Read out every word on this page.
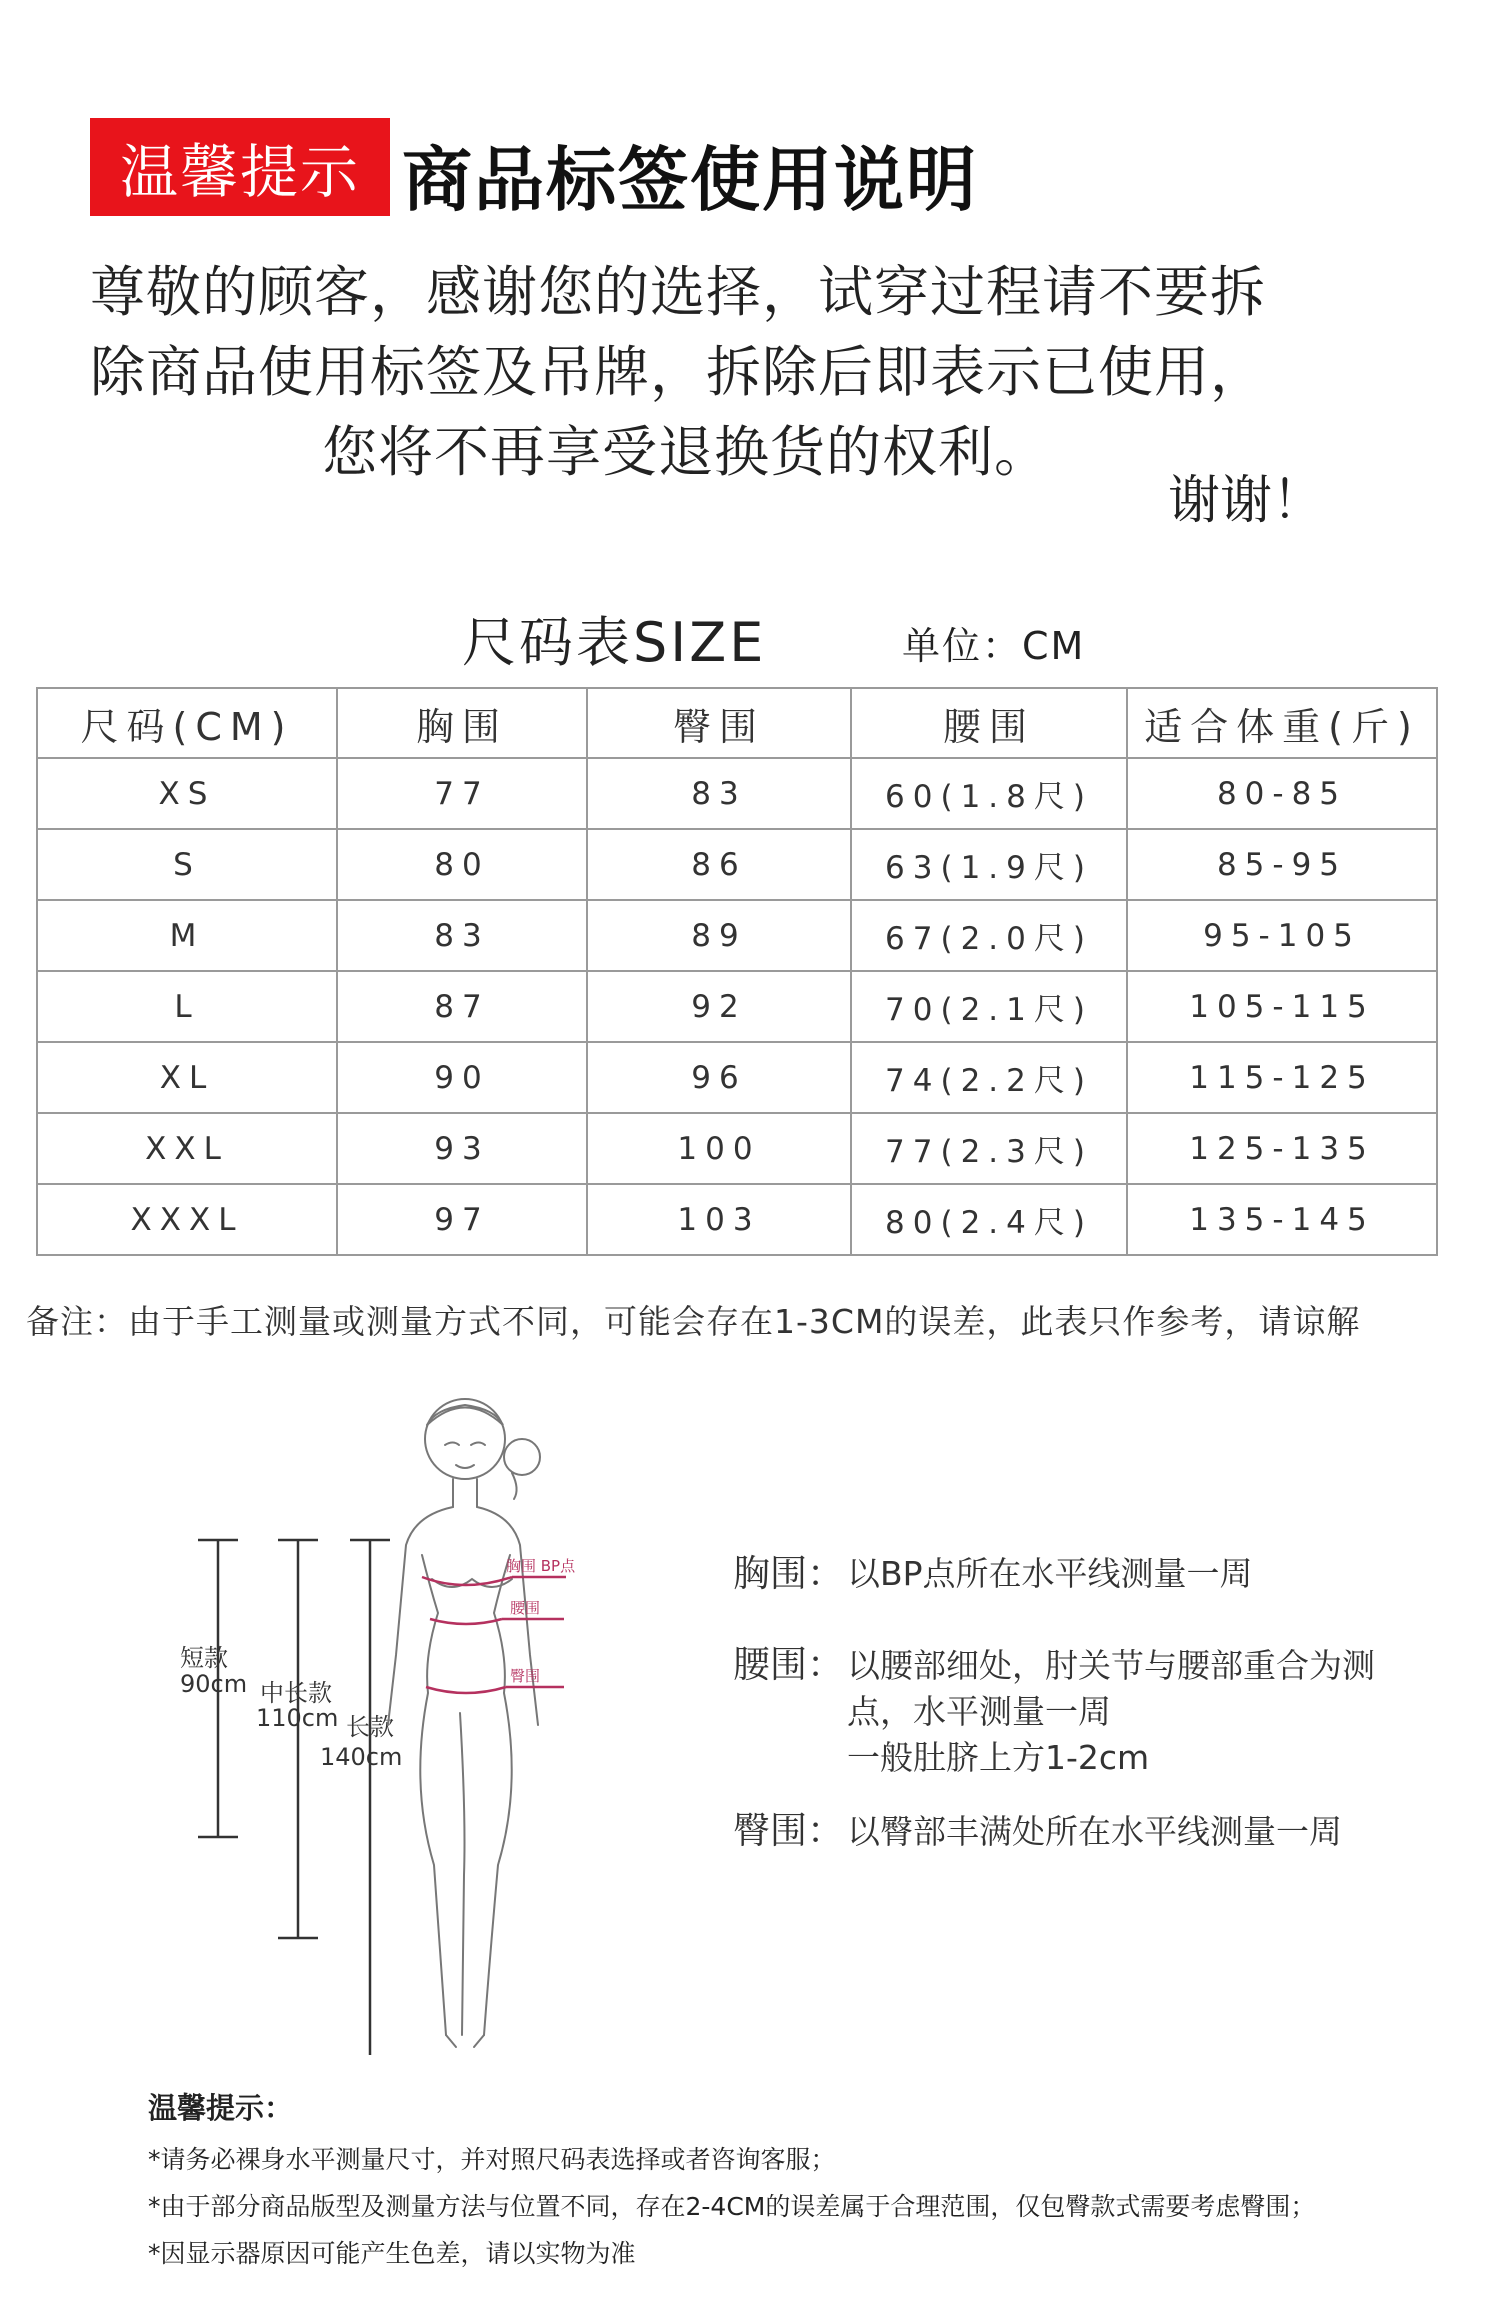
温馨提示 商品标签使用说明
尊敬的顾客，感谢您的选择，试穿过程请不要拆
除商品使用标签及吊牌，拆除后即表示已使用，
您将不再享受退换货的权利。
谢谢！
尺码表SIZE	单位：CM
尺码(CM)	胸围	臀围	腰围	适合体重(斤)
XS	77	83	60(1.8尺)	80-85
S	80	86	63(1.9尺)	85-95
M	83	89	67(2.0尺)	95-105
L	87	92	70(2.1尺)	105-115
XL	90	96	74(2.2尺)	115-125
XXL	93	100	77(2.3尺)	125-135
XXXL	97	103	80(2.4尺)	135-145
备注：由于手工测量或测量方式不同，可能会存在1-3CM的误差，此表只作参考，请谅解
短款
90cm 中长款
110cm 长款
140cm
胸围 BP点
腰围
臀围
胸围： 以BP点所在水平线测量一周
腰围： 以腰部细处，肘关节与腰部重合为测
点，水平测量一周
一般肚脐上方1-2cm
臀围： 以臀部丰满处所在水平线测量一周
温馨提示：
*请务必裸身水平测量尺寸，并对照尺码表选择或者咨询客服；
*由于部分商品版型及测量方法与位置不同，存在2-4CM的误差属于合理范围，仅包臀款式需要考虑臀围；
*因显示器原因可能产生色差，请以实物为准
